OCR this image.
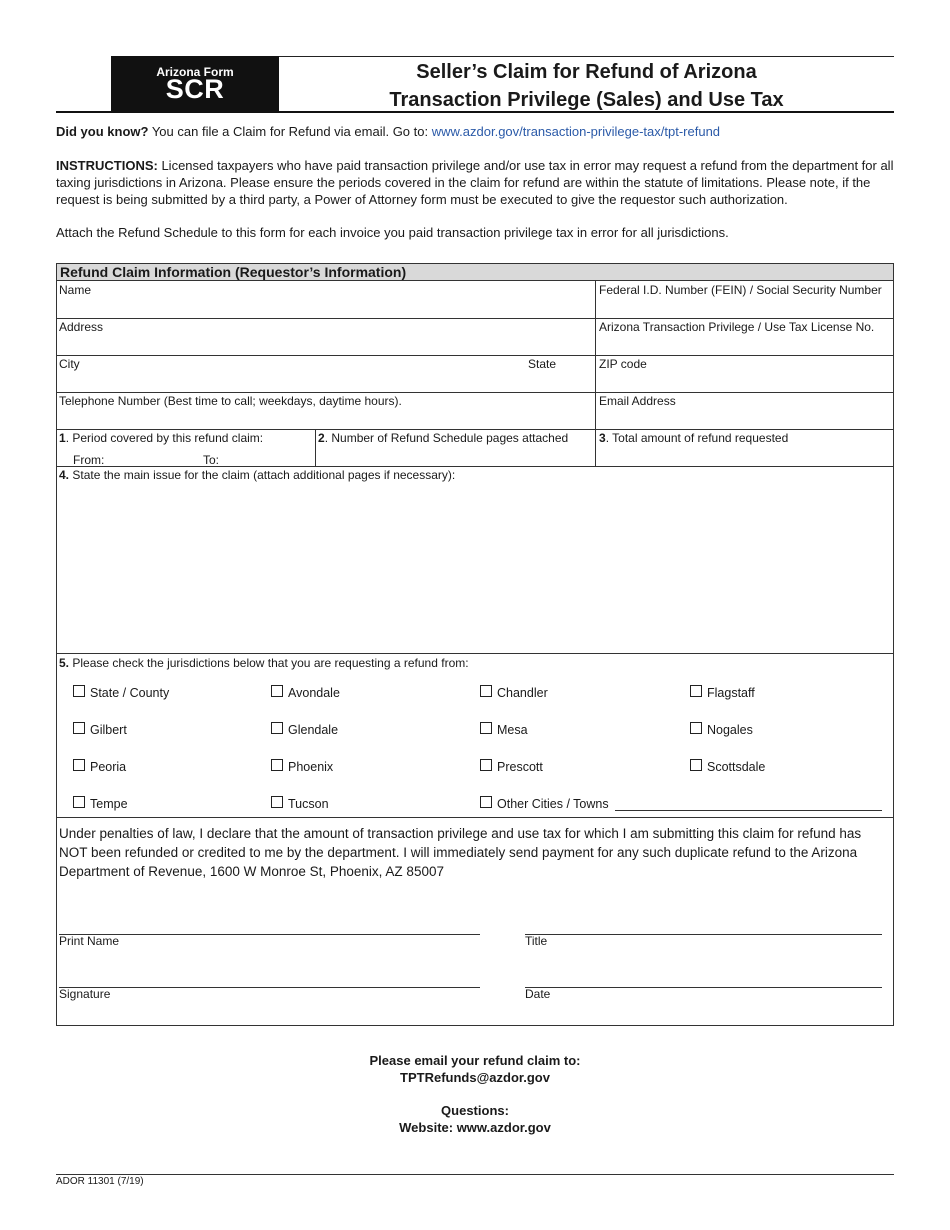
Arizona Form
SCR
Seller’s Claim for Refund of Arizona
Transaction Privilege (Sales) and Use Tax
Did you know? You can file a Claim for Refund via email. Go to: www.azdor.gov/transaction-privilege-tax/tpt-refund
INSTRUCTIONS: Licensed taxpayers who have paid transaction privilege and/or use tax in error may request a refund from the department for all taxing jurisdictions in Arizona. Please ensure the periods covered in the claim for refund are within the statute of limitations. Please note, if the request is being submitted by a third party, a Power of Attorney form must be executed to give the requestor such authorization.
Attach the Refund Schedule to this form for each invoice you paid transaction privilege tax in error for all jurisdictions.
Refund Claim Information (Requestor’s Information)
Name	Federal I.D. Number (FEIN) / Social Security Number
Address	Arizona Transaction Privilege / Use Tax License No.
City	State	ZIP code
Telephone Number (Best time to call; weekdays, daytime hours).	Email Address
1. Period covered by this refund claim:
From:	To:
2. Number of Refund Schedule pages attached	3. Total amount of refund requested
4. State the main issue for the claim (attach additional pages if necessary):
5. Please check the jurisdictions below that you are requesting a refund from:
State / County	Avondale	Chandler	Flagstaff
Gilbert	Glendale	Mesa	Nogales
Peoria	Phoenix	Prescott	Scottsdale
Tempe	Tucson	Other Cities / Towns
Under penalties of law, I declare that the amount of transaction privilege and use tax for which I am submitting this claim for refund has NOT been refunded or credited to me by the department. I will immediately send payment for any such duplicate refund to the Arizona Department of Revenue, 1600 W Monroe St, Phoenix, AZ 85007
Print Name	Title
Signature	Date
Please email your refund claim to:
TPTRefunds@azdor.gov
Questions:
Website: www.azdor.gov
ADOR 11301 (7/19)
